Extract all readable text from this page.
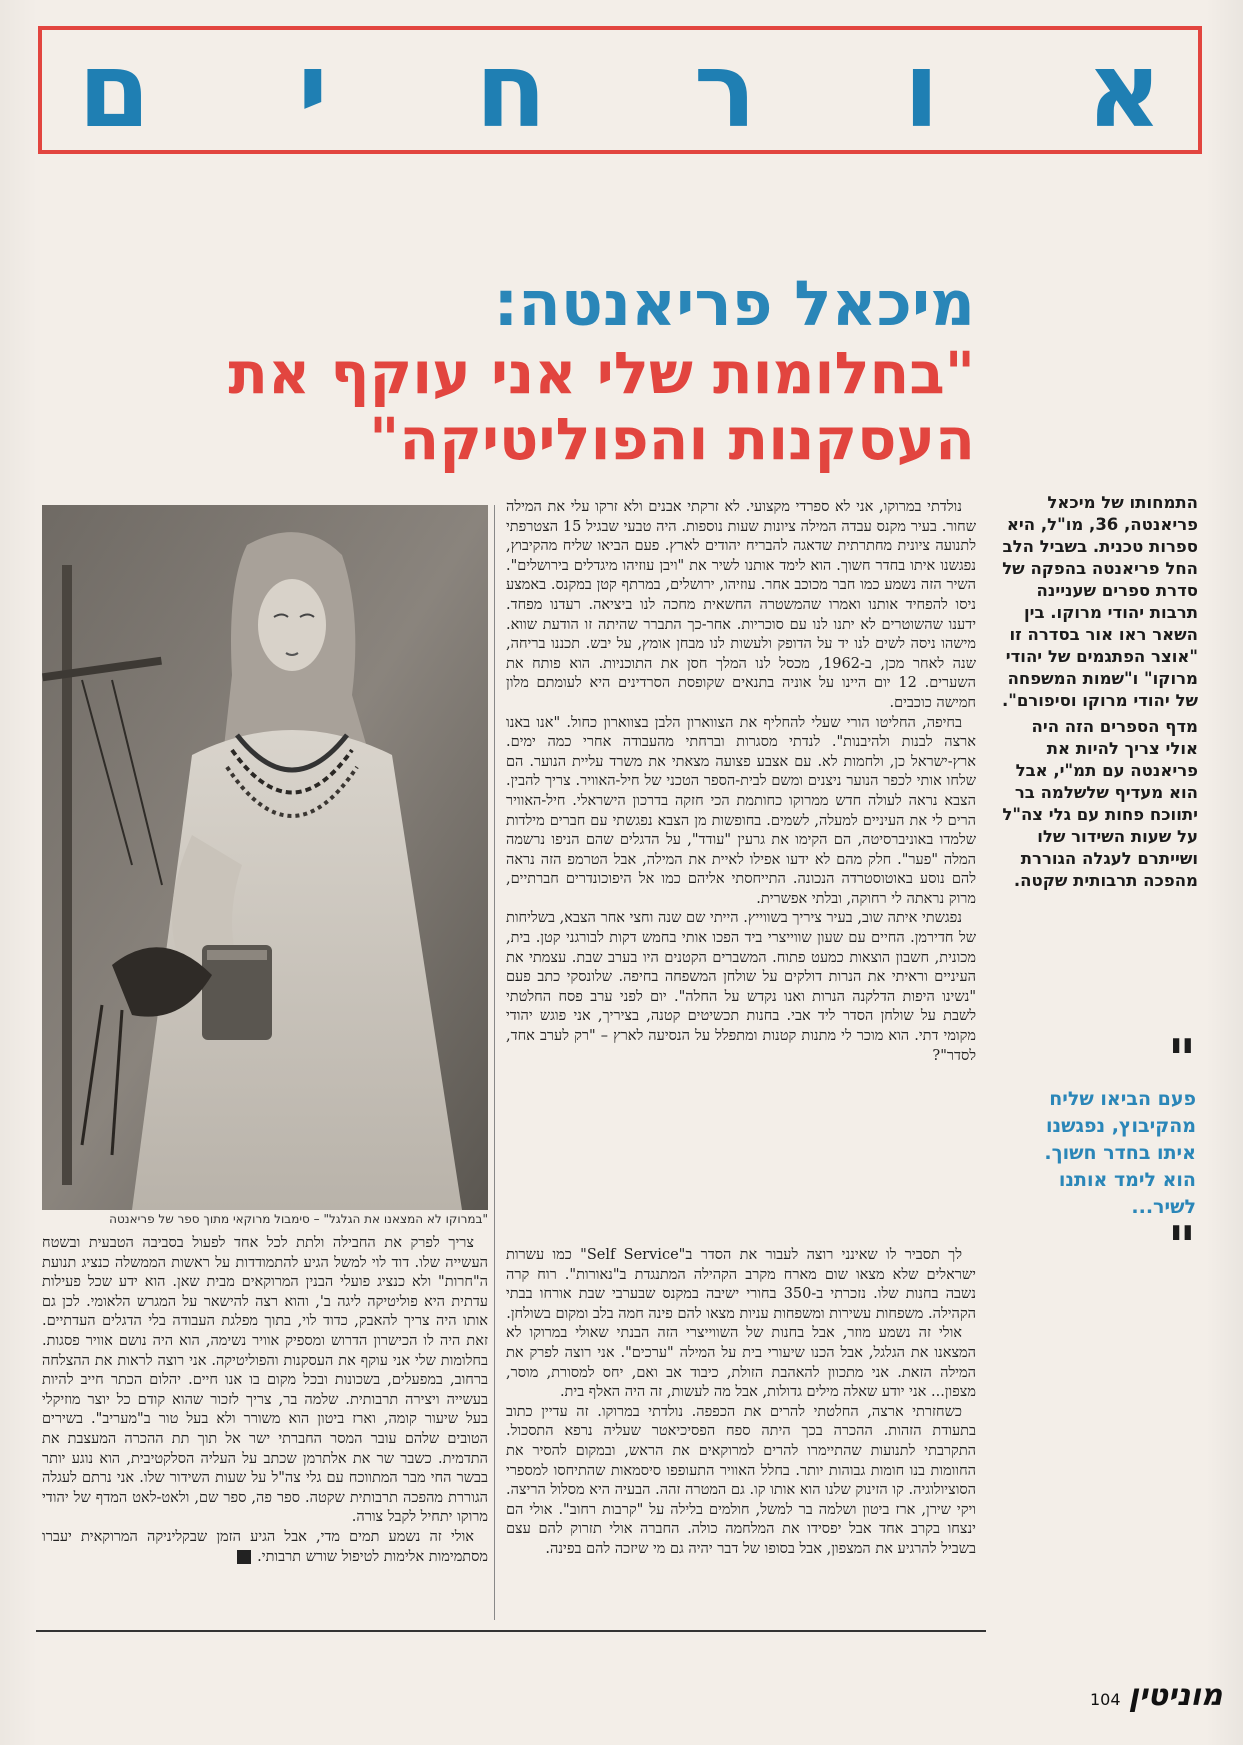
א
ו
ר
ח
י
ם
מיכאל פריאנטה:
"בחלומות שלי אני עוקף את
העסקנות והפוליטיקה"

התמחותו של מיכאל פריאנטה, 36, מו"ל, היא ספרות טכנית. בשביל הלב החל פריאנטה בהפקה של סדרת ספרים שעניינה תרבות יהודי מרוקו. בין השאר ראו אור בסדרה זו "אוצר הפתגמים של יהודי מרוקו" ו"שמות המשפחה של יהודי מרוקו וסיפורם".

מדף הספרים הזה היה אולי צריך להיות את פריאנטה עם תמ"י, אבל הוא מעדיף שלשלמה בר יתווכח פחות עם גלי צה"ל על שעות השידור שלו ושייתרם לעגלה הגוררת מהפכה תרבותית שקטה.

"
פעם הביאו שליח מהקיבוץ, נפגשנו איתו בחדר חשוך. הוא לימד אותנו לשיר...
"
"במרוקו לא המצאנו את הגלגל" – סימבול מרוקאי מתוך ספר של פריאנטה

נולדתי במרוקו, אני לא ספרדי מקצועי. לא זרקתי אבנים ולא זרקו עלי את המילה שחור. בעיר מקנס עבדה המילה ציונות שעות נוספות. היה טבעי שבגיל 15 הצטרפתי לתנועה ציונית מחתרתית שדאגה להבריח יהודים לארץ. פעם הביאו שליח מהקיבוץ, נפגשנו איתו בחדר חשוך. הוא לימד אותנו לשיר את "ויבן עוזיהו מיגדלים בירושלים". השיר הזה נשמע כמו חבר מכוכב אחר. עוזיהו, ירושלים, במרתף קטן במקנס. באמצע ניסו להפחיד אותנו ואמרו שהמשטרה החשאית מחכה לנו ביציאה. רעדנו מפחד. ידענו שהשוטרים לא יתנו לנו עם סוכריות. אחר-כך התברר שהיתה זו הודעת שווא. מישהו ניסה לשים לנו יד על הדופק ולעשות לנו מבחן אומץ, על יבש. תכננו בריחה, שנה לאחר מכן, ב-1962, מכסל לנו המלך חסן את התוכניות. הוא פותח את השערים. 12 יום היינו על אוניה בתנאים שקופסת הסרדינים היא לעומתם מלון חמישה כוכבים.

בחיפה, החליטו הורי שעלי להחליף את הצווארון הלבן בצווארון כחול. "אנו באנו ארצה לבנות ולהיבנות". לנדתי מסגרות וברחתי מהעבודה אחרי כמה ימים. ארץ-ישראל כן, ולחמות לא. עם אצבע פצועה מצאתי את משרד עליית הנוער. הם שלחו אותי לכפר הנוער ניצנים ומשם לבית-הספר הטכני של חיל-האוויר. צריך להבין. הצבא נראה לעולה חדש ממרוקו כחותמת הכי חזקה בדרכון הישראלי. חיל-האוויר הרים לי את העיניים למעלה, לשמים. בחופשות מן הצבא נפגשתי עם חברים מילדות שלמדו באוניברסיטה, הם הקימו את גרעין "עודד", על הדגלים שהם הניפו נרשמה המלה "פער". חלק מהם לא ידעו אפילו לאיית את המילה, אבל הטרמפ הזה נראה להם נוסע באוטוסטרדה הנכונה. התייחסתי אליהם כמו אל היפוכונדרים חברתיים, מרוק נראתה לי רחוקה, ובלתי אפשרית.

נפגשתי איתה שוב, בעיר ציריך בשווייץ. הייתי שם שנה וחצי אחר הצבא, בשליחות של חדירמן. החיים עם שעון שווייצרי ביד הפכו אותי בחמש דקות לבורגני קטן. בית, מכונית, חשבון הוצאות כמעט פתוח. המשברים הקטנים היו בערב שבת. עצמתי את העיניים וראיתי את הנרות דולקים על שולחן המשפחה בחיפה. שלונסקי כתב פעם "נשינו היפות הדלקנה הנרות ואנו נקדש על החלה". יום לפני ערב פסח החלטתי לשבת על שולחן הסדר ליד אבי. בחנות תכשיטים קטנה, בציריך, אני פוגש יהודי מקומי דתי. הוא מוכר לי מתנות קטנות ומתפלל על הנסיעה לארץ – "רק לערב אחד, לסדר"?

לך תסביר לו שאינני רוצה לעבור את הסדר ב"Self Service" כמו עשרות ישראלים שלא מצאו שום מארח מקרב הקהילה המתנגדת ב"נאורות". רוח קרה נשבה בחנות שלו. נזכרתי ב-350 בחורי ישיבה במקנס שבערבי שבת אורחו בבתי הקהילה. משפחות עשירות ומשפחות עניות מצאו להם פינה חמה בלב ומקום בשולחן.

אולי זה נשמע מוזר, אבל בחנות של השווייצרי הזה הבנתי שאולי במרוקו לא המצאנו את הגלגל, אבל הכנו שיעורי בית על המילה "ערכים". אני רוצה לפרק את המילה הזאת. אני מתכוון להאהבת הזולת, כיבוד אב ואם, יחס למסורת, מוסר, מצפון... אני יודע שאלה מילים גדולות, אבל מה לעשות, זה היה האלף בית.

כשחזרתי ארצה, החלטתי להרים את הכפפה. נולדתי במרוקו. זה עדיין כתוב בתעודת הזהות. ההכרה בכך היתה ספח הפסיכיאטר שעליה נרפא התסכול. התקרבתי לתנועות שהתיימרו להרים למרוקאים את הראש, ובמקום להסיר את החוומות בנו חומות גבוהות יותר. בחלל האוויר התעופפו סיסמאות שהתיחסו למספרי הסוציולוגיה. קו הזינוק שלנו הוא אותו קו. גם המטרה זהה. הבעיה היא מסלול הריצה. ויקי שירן, ארז ביטון ושלמה בר למשל, חולמים בלילה על "קרבות רחוב". אולי הם ינצחו בקרב אחד אבל יפסידו את המלחמה כולה. החברה אולי תזרוק להם עצם בשביל להרגיע את המצפון, אבל בסופו של דבר יהיה גם מי שיזכה להם בפינה.

צריך לפרק את החבילה ולתת לכל אחד לפעול בסביבה הטבעית ובשטח העשייה שלו. דוד לוי למשל הגיע להתמודדות על ראשות הממשלה כנציג תנועת ה"חרות" ולא כנציג פועלי הבנין המרוקאים מבית שאן. הוא ידע שכל פעילות עדתית היא פוליטיקה ליגה ב', והוא רצה להישאר על המגרש הלאומי. לכן גם אותו היה צריך להאבק, כדוד לוי, בתוך מפלגת העבודה בלי הדגלים העדתיים. זאת היה לו הכישרון הדרוש ומספיק אוויר נשימה, הוא היה נושם אוויר פסגות. בחלומות שלי אני עוקף את העסקנות והפוליטיקה. אני רוצה לראות את ההצלחה ברחוב, במפעלים, בשכונות ובכל מקום בו אנו חיים. יהלום הכתר חייב להיות בעשייה ויצירה תרבותית. שלמה בר, צריך לזכור שהוא קודם כל יוצר מוזיקלי בעל שיעור קומה, וארז ביטון הוא משורר ולא בעל טור ב"מעריב". בשירים הטובים שלהם עובר המסר החברתי ישר אל תוך תת ההכרה המעצבת את התדמית. כשבר שר את אלתרמן שכתב על העליה הסלקטיבית, הוא נוגע יותר בבשר החי מבר המתווכח עם גלי צה"ל על שעות השידור שלו. אני נרתם לעגלה הגוררת מהפכה תרבותית שקטה. ספר פה, ספר שם, ולאט-לאט המדף של יהודי מרוקו יתחיל לקבל צורה.

אולי זה נשמע תמים מדי, אבל הגיע הזמן שבקליניקה המרוקאית יעברו מסתמימות אלימות לטיפול שורש תרבותי.

מוניטין
104
